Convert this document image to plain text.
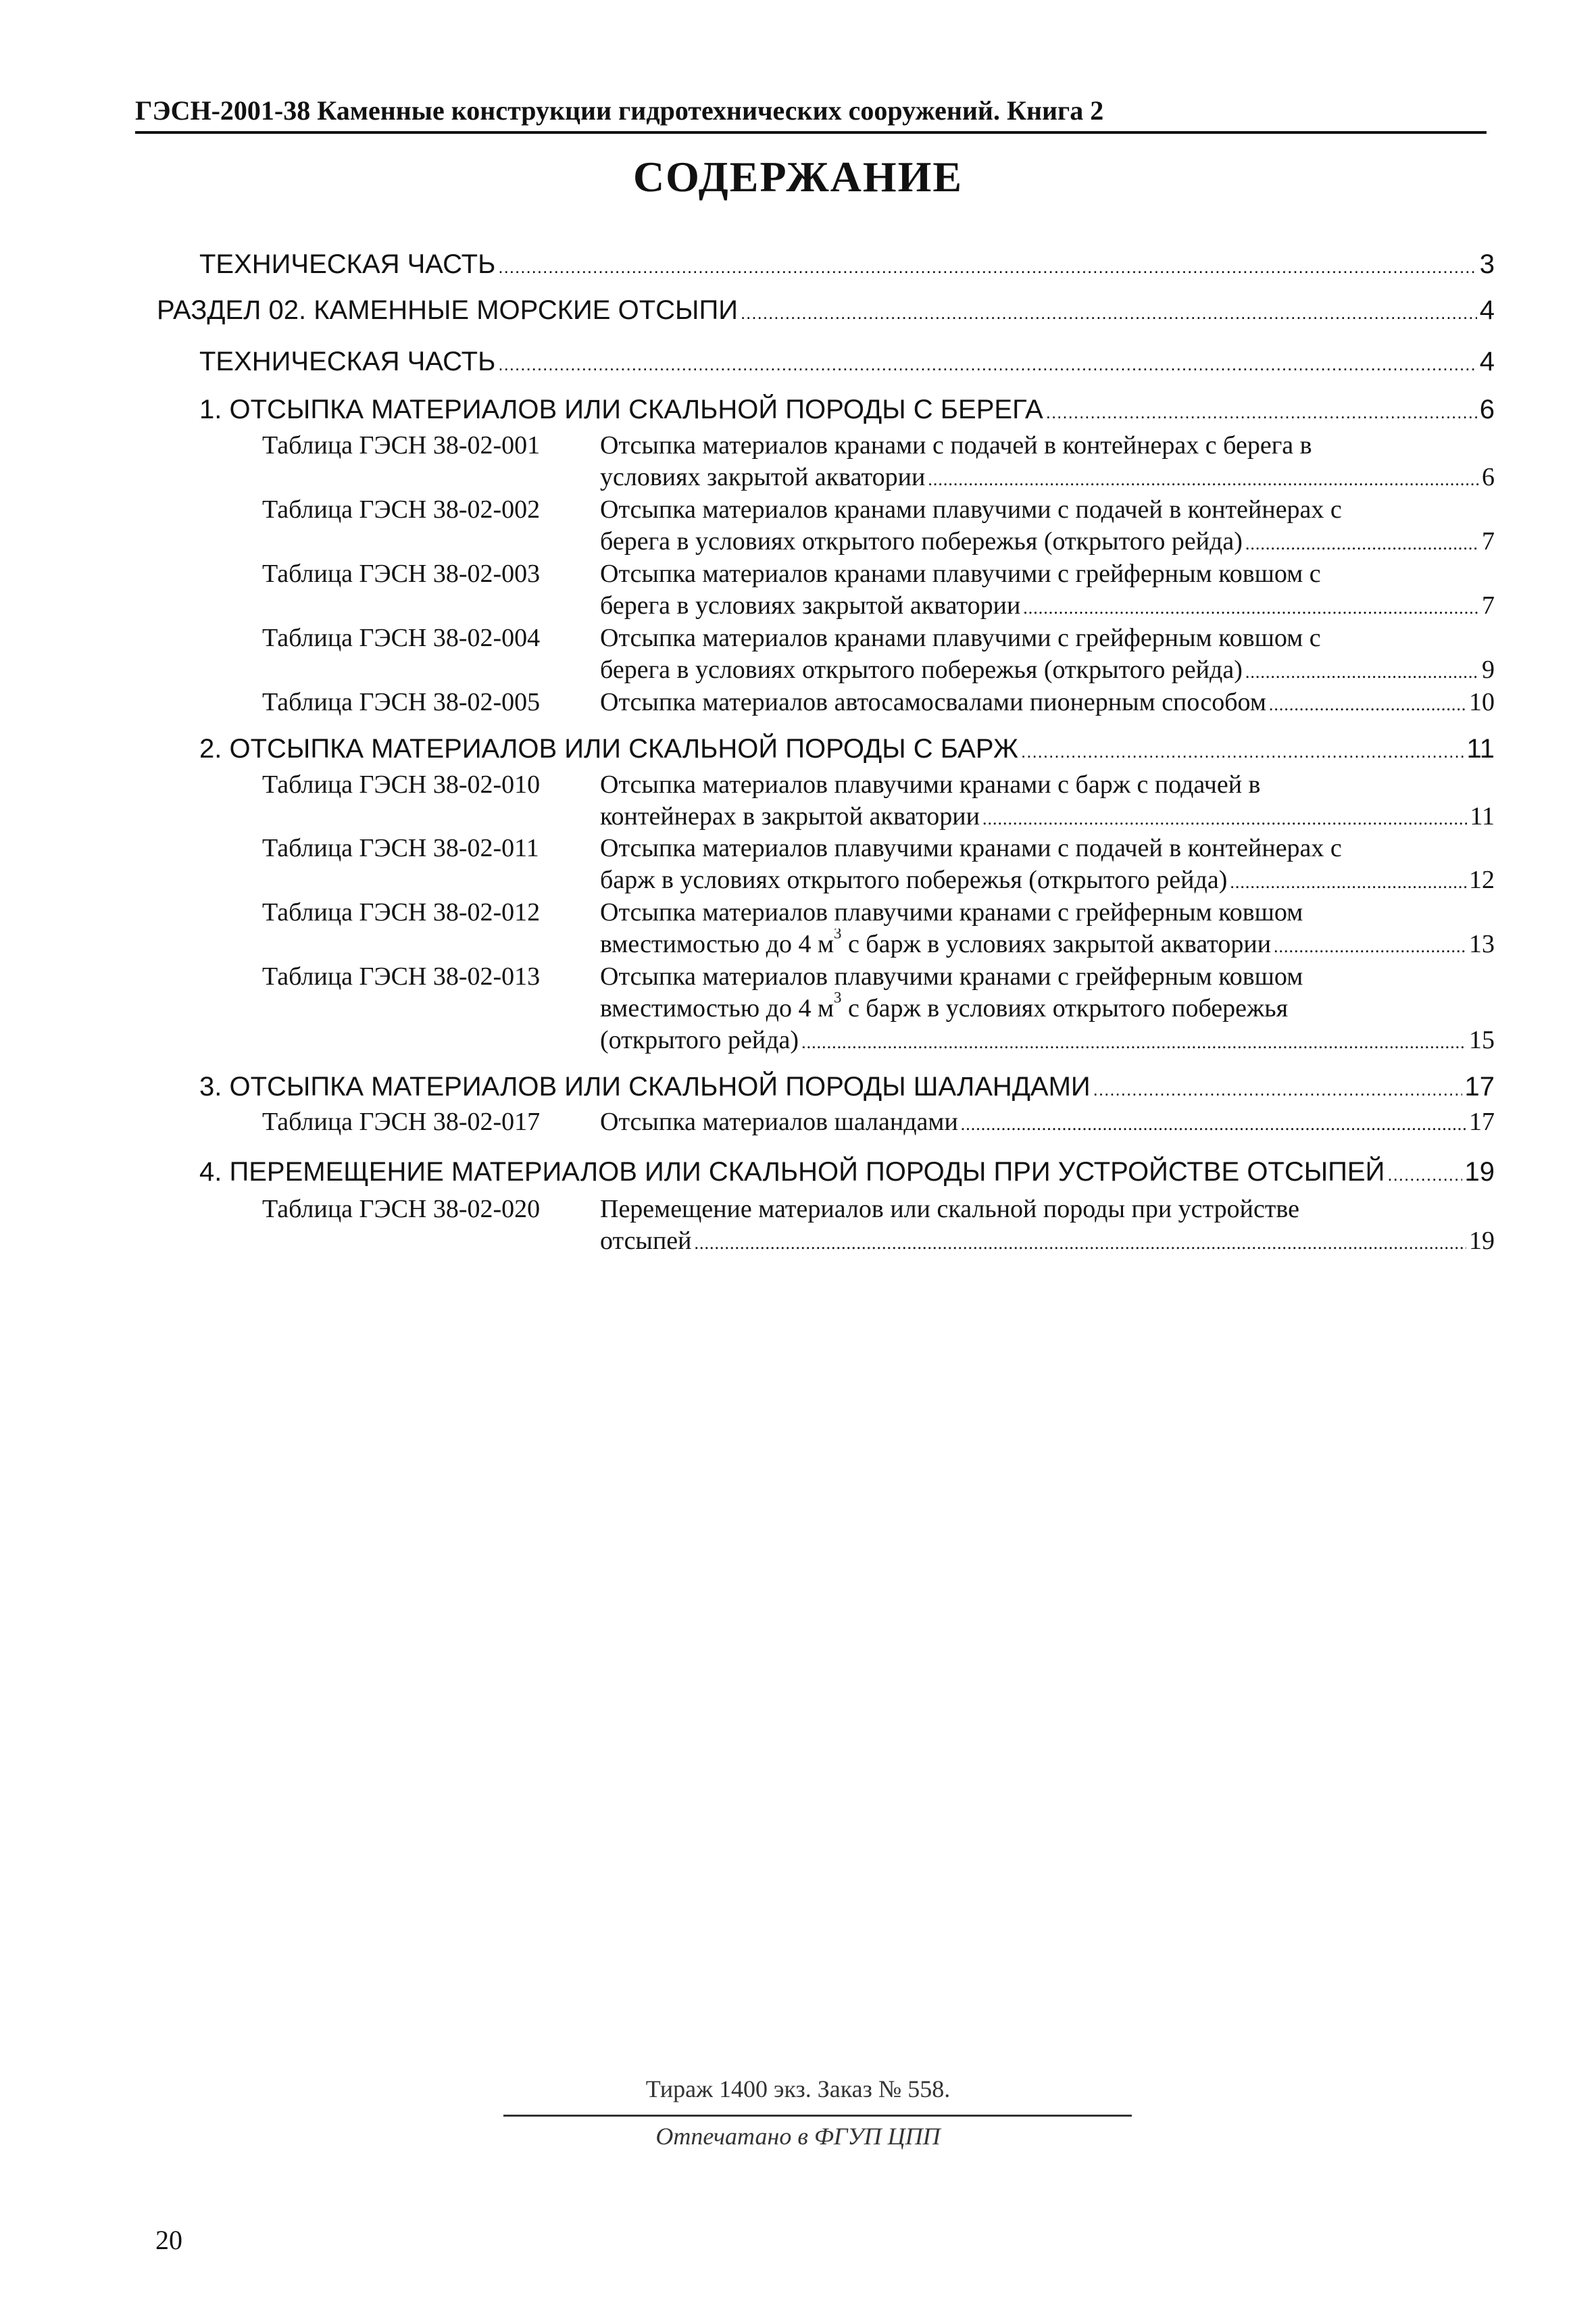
ГЭСН-2001-38 Каменные конструкции гидротехнических сооружений. Книга 2
СОДЕРЖАНИЕ
ТЕХНИЧЕСКАЯ ЧАСТЬ .....	3
РАЗДЕЛ 02. КАМЕННЫЕ МОРСКИЕ ОТСЫПИ .....	4
ТЕХНИЧЕСКАЯ ЧАСТЬ .....	4
1. ОТСЫПКА МАТЕРИАЛОВ ИЛИ СКАЛЬНОЙ ПОРОДЫ С БЕРЕГА .....	6
Таблица ГЭСН 38-02-001 Отсыпка материалов кранами с подачей в контейнерах с берега в
условиях закрытой акватории .....	6
Таблица ГЭСН 38-02-002 Отсыпка материалов кранами плавучими с подачей в контейнерах с
берега в условиях открытого побережья (открытого рейда) .....	7
Таблица ГЭСН 38-02-003 Отсыпка материалов кранами плавучими с грейферным ковшом с
берега в условиях закрытой акватории .....	7
Таблица ГЭСН 38-02-004 Отсыпка материалов кранами плавучими с грейферным ковшом с
берега в условиях открытого побережья (открытого рейда) .....	9
Таблица ГЭСН 38-02-005 Отсыпка материалов автосамосвалами пионерным способом .....	10
2. ОТСЫПКА МАТЕРИАЛОВ ИЛИ СКАЛЬНОЙ ПОРОДЫ С БАРЖ .....	11
Таблица ГЭСН 38-02-010 Отсыпка материалов плавучими кранами с барж с подачей в
контейнерах в закрытой акватории .....	11
Таблица ГЭСН 38-02-011 Отсыпка материалов плавучими кранами с подачей в контейнерах с
барж в условиях открытого побережья (открытого рейда) .....	12
Таблица ГЭСН 38-02-012 Отсыпка материалов плавучими кранами с грейферным ковшом
вместимостью до 4 $м^3$ с барж в условиях закрытой акватории .....	13
Таблица ГЭСН 38-02-013 Отсыпка материалов плавучими кранами с грейферным ковшом
вместимостью до 4 $м^3$ с барж в условиях открытого побережья
(открытого рейда) .....	15
3. ОТСЫПКА МАТЕРИАЛОВ ИЛИ СКАЛЬНОЙ ПОРОДЫ ШАЛАНДАМИ .....	17
Таблица ГЭСН 38-02-017 Отсыпка материалов шаландами .....	17
4. ПЕРЕМЕЩЕНИЕ МАТЕРИАЛОВ ИЛИ СКАЛЬНОЙ ПОРОДЫ ПРИ УСТРОЙСТВЕ ОТСЫПЕЙ .....	19
Таблица ГЭСН 38-02-020 Перемещение материалов или скальной породы при устройстве
отсыпей .....	19
Тираж 1400 экз. Заказ № 558.
Отпечатано в ФГУП ЦПП
20
